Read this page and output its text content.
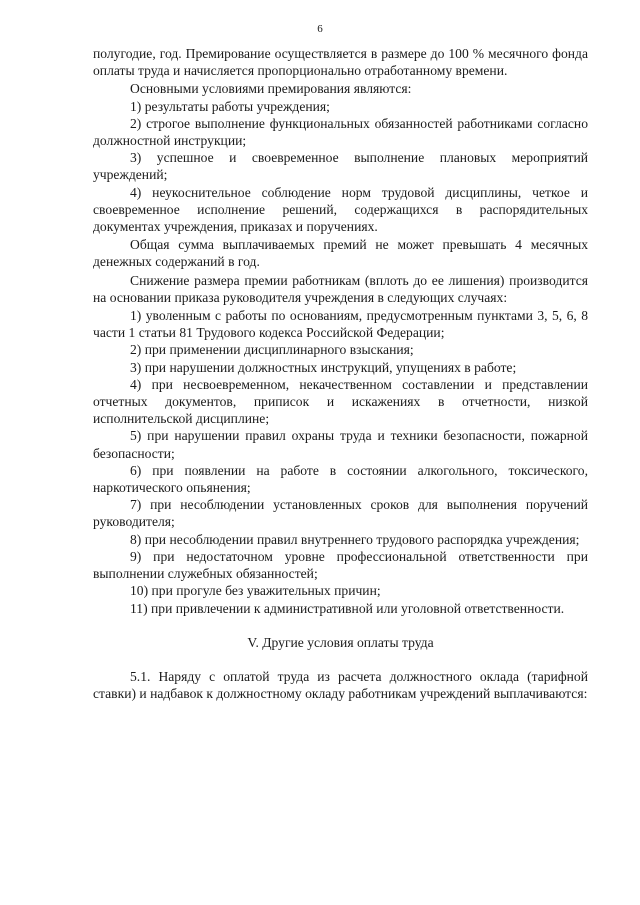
6

полугодие, год. Премирование осуществляется в размере до 100 % месячного фонда оплаты труда и начисляется пропорционально отработанному времени.

Основными условиями премирования являются:

1) результаты работы учреждения;

2) строгое выполнение функциональных обязанностей работниками согласно должностной инструкции;

3) успешное и своевременное выполнение плановых мероприятий учреждений;

4) неукоснительное соблюдение норм трудовой дисциплины, четкое и своевременное исполнение решений, содержащихся в распорядительных документах учреждения, приказах и поручениях.

Общая сумма выплачиваемых премий не может превышать 4 месячных денежных содержаний в год.

Снижение размера премии работникам (вплоть до ее лишения) производится на основании приказа руководителя учреждения в следующих случаях:

1) уволенным с работы по основаниям, предусмотренным пунктами 3, 5, 6, 8 части 1 статьи 81 Трудового кодекса Российской Федерации;

2) при применении дисциплинарного взыскания;

3) при нарушении должностных инструкций, упущениях в работе;

4) при несвоевременном, некачественном составлении и представлении отчетных документов, приписок и искажениях в отчетности, низкой исполнительской дисциплине;

5) при нарушении правил охраны труда и техники безопасности, пожарной безопасности;

6) при появлении на работе в состоянии алкогольного, токсического, наркотического опьянения;

7) при несоблюдении установленных сроков для выполнения поручений руководителя;

8) при несоблюдении правил внутреннего трудового распорядка учреждения;

9) при недостаточном уровне профессиональной ответственности при выполнении служебных обязанностей;

10) при прогуле без уважительных причин;

11) при привлечении к административной или уголовной ответственности.

V. Другие условия оплаты труда

5.1. Наряду с оплатой труда из расчета должностного оклада (тарифной ставки) и надбавок к должностному окладу работникам учреждений выплачиваются:
